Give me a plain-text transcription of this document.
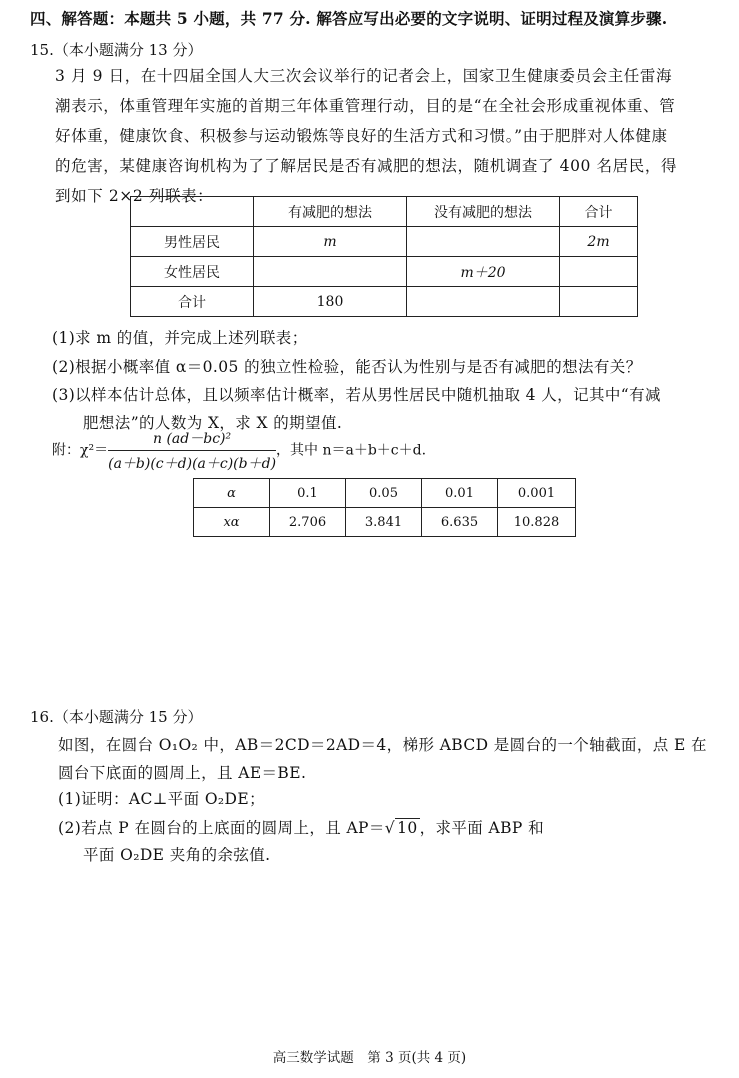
四、解答题：本题共 5 小题，共 77 分. 解答应写出必要的文字说明、证明过程及演算步骤.
15.（本小题满分 13 分）
3 月 9 日，在十四届全国人大三次会议举行的记者会上，国家卫生健康委员会主任雷海
潮表示，体重管理年实施的首期三年体重管理行动，目的是“在全社会形成重视体重、管
好体重，健康饮食、积极参与运动锻炼等良好的生活方式和习惯。”由于肥胖对人体健康
的危害，某健康咨询机构为了了解居民是否有减肥的想法，随机调查了 400 名居民，得
到如下 2×2 列联表：
	有减肥的想法	没有减肥的想法	合计
男性居民	m		2m
女性居民		m＋20	
合计	180		
(1)求 m 的值，并完成上述列联表；
(2)根据小概率值 α＝0.05 的独立性检验，能否认为性别与是否有减肥的想法有关？
(3)以样本估计总体，且以频率估计概率，若从男性居民中随机抽取 4 人，记其中“有减
肥想法”的人数为 X，求 X 的期望值.
附：$\chi^2= \frac{\text{n (ad－bc)²}}{(a+b)(c+d)(a+c)(b+d)}$ ，其中 n＝a＋b＋c＋d.
α	0.1	0.05	0.01	0.001
xα	2.706	3.841	6.635	10.828
16.（本小题满分 15 分）
如图，在圆台 O₁O₂ 中，AB＝2CD＝2AD＝4，梯形 ABCD 是圆台的一个轴截面，点 E 在
圆台下底面的圆周上，且 AE＝BE.
(1)证明：AC⊥平面 O₂DE；
(2)若点 P 在圆台的上底面的圆周上，且 AP＝√ 10 ，求平面 ABP 和
平面 O₂DE 夹角的余弦值.
高三数学试题　第 3 页(共 4 页)
